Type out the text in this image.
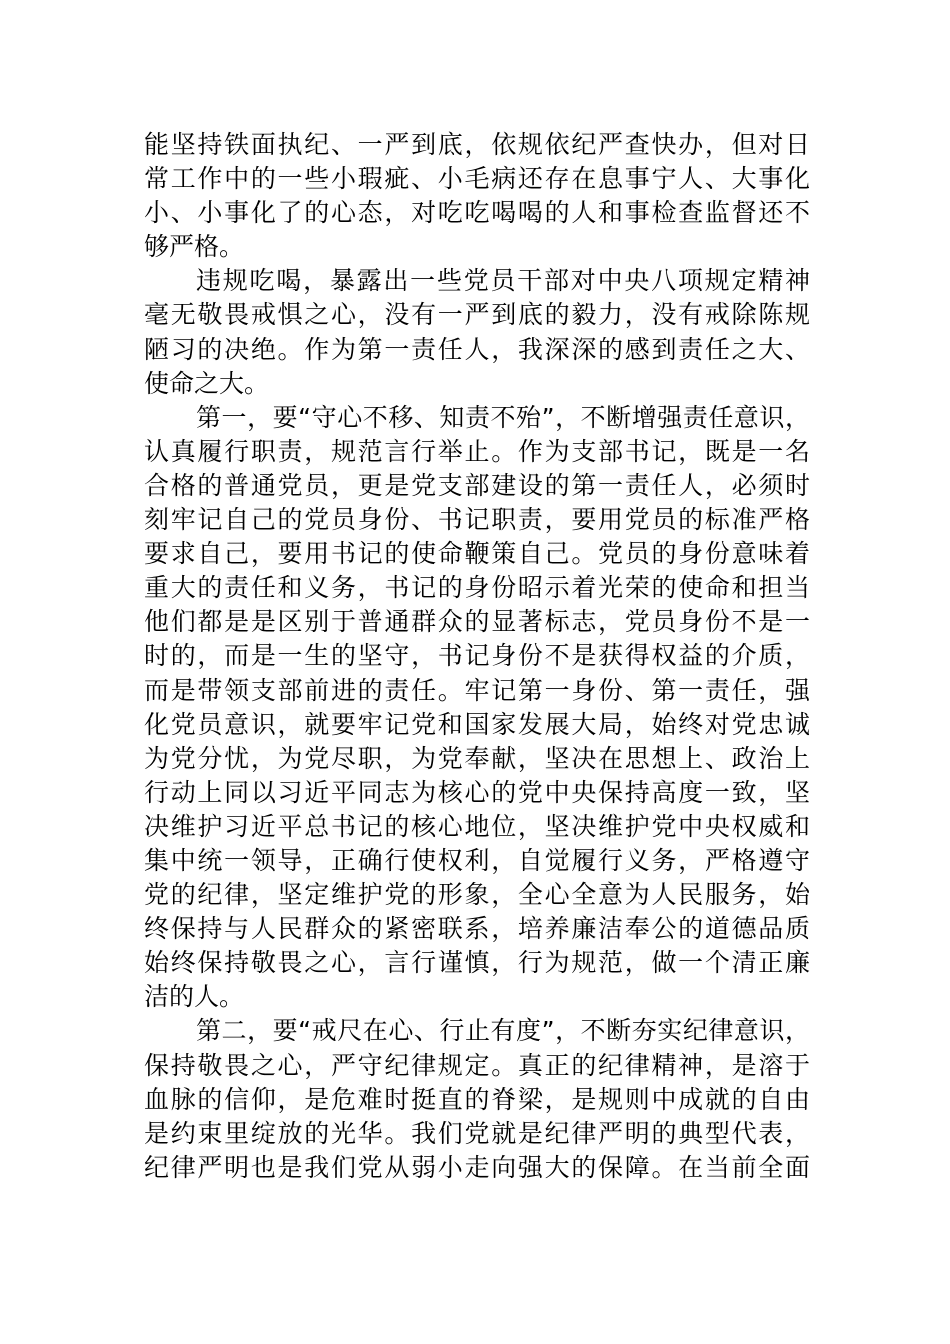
能坚持铁面执纪、一严到底，依规依纪严查快办，但对日
常工作中的一些小瑕疵、小毛病还存在息事宁人、大事化
小、小事化了的心态，对吃吃喝喝的人和事检查监督还不
够严格。
违规吃喝，暴露出一些党员干部对中央八项规定精神
毫无敬畏戒惧之心，没有一严到底的毅力，没有戒除陈规
陋习的决绝。作为第一责任人，我深深的感到责任之大、
使命之大。
第一，要“守心不移、知责不殆”，不断增强责任意识，
认真履行职责，规范言行举止。作为支部书记，既是一名
合格的普通党员，更是党支部建设的第一责任人，必须时
刻牢记自己的党员身份、书记职责，要用党员的标准严格
要求自己，要用书记的使命鞭策自己。党员的身份意味着
重大的责任和义务，书记的身份昭示着光荣的使命和担当
他们都是是区别于普通群众的显著标志，党员身份不是一
时的，而是一生的坚守，书记身份不是获得权益的介质，
而是带领支部前进的责任。牢记第一身份、第一责任，强
化党员意识，就要牢记党和国家发展大局，始终对党忠诚
为党分忧，为党尽职，为党奉献，坚决在思想上、政治上
行动上同以习近平同志为核心的党中央保持高度一致，坚
决维护习近平总书记的核心地位，坚决维护党中央权威和
集中统一领导，正确行使权利，自觉履行义务，严格遵守
党的纪律，坚定维护党的形象，全心全意为人民服务，始
终保持与人民群众的紧密联系，培养廉洁奉公的道德品质
始终保持敬畏之心，言行谨慎，行为规范，做一个清正廉
洁的人。
第二，要“戒尺在心、行止有度”，不断夯实纪律意识，
保持敬畏之心，严守纪律规定。真正的纪律精神，是溶于
血脉的信仰，是危难时挺直的脊梁，是规则中成就的自由
是约束里绽放的光华。我们党就是纪律严明的典型代表，
纪律严明也是我们党从弱小走向强大的保障。在当前全面
